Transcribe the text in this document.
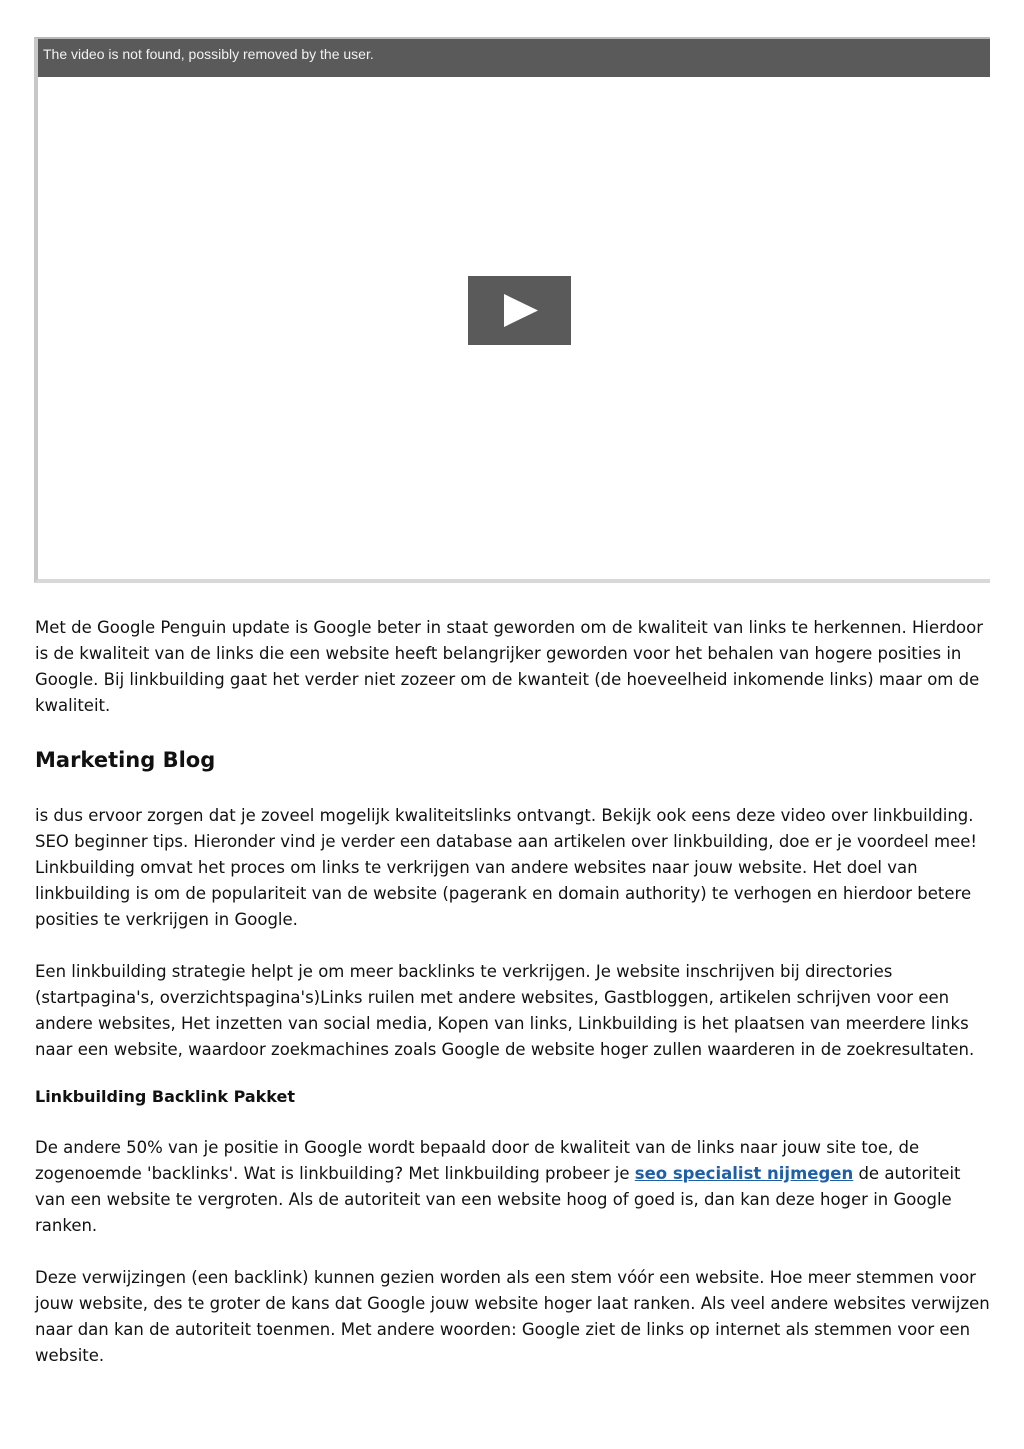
The video is not found, possibly removed by the user.

Met de Google Penguin update is Google beter in staat geworden om de kwaliteit van links te herkennen. Hierdoor is de kwaliteit van de links die een website heeft belangrijker geworden voor het behalen van hogere posities in Google. Bij linkbuilding gaat het verder niet zozeer om de kwanteit (de hoeveelheid inkomende links) maar om de kwaliteit.

Marketing Blog

is dus ervoor zorgen dat je zoveel mogelijk kwaliteitslinks ontvangt. Bekijk ook eens deze video over linkbuilding. SEO beginner tips. Hieronder vind je verder een database aan artikelen over linkbuilding, doe er je voordeel mee! Linkbuilding omvat het proces om links te verkrijgen van andere websites naar jouw website. Het doel van linkbuilding is om de populariteit van de website (pagerank en domain authority) te verhogen en hierdoor betere posities te verkrijgen in Google.

Een linkbuilding strategie helpt je om meer backlinks te verkrijgen. Je website inschrijven bij directories (startpagina's, overzichtspagina's)Links ruilen met andere websites, Gastbloggen, artikelen schrijven voor een andere websites, Het inzetten van social media, Kopen van links, Linkbuilding is het plaatsen van meerdere links naar een website, waardoor zoekmachines zoals Google de website hoger zullen waarderen in de zoekresultaten.

Linkbuilding Backlink Pakket

De andere 50% van je positie in Google wordt bepaald door de kwaliteit van de links naar jouw site toe, de zogenoemde 'backlinks'. Wat is linkbuilding? Met linkbuilding probeer je seo specialist nijmegen de autoriteit van een website te vergroten. Als de autoriteit van een website hoog of goed is, dan kan deze hoger in Google ranken.

Deze verwijzingen (een backlink) kunnen gezien worden als een stem vóór een website. Hoe meer stemmen voor jouw website, des te groter de kans dat Google jouw website hoger laat ranken. Als veel andere websites verwijzen naar dan kan de autoriteit toenmen. Met andere woorden: Google ziet de links op internet als stemmen voor een website.
